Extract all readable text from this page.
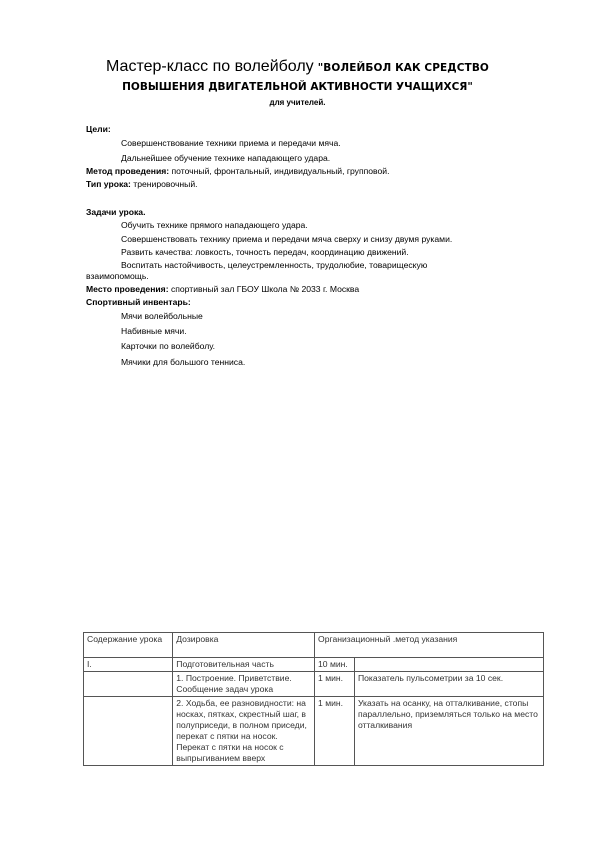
Мастер-класс по волейболу "ВОЛЕЙБОЛ КАК СРЕДСТВО
ПОВЫШЕНИЯ ДВИГАТЕЛЬНОЙ АКТИВНОСТИ УЧАЩИХСЯ"
для учителей.
Цели:
Совершенствование техники приема и передачи мяча.
Дальнейшее обучение технике нападающего удара.
Метод проведения: поточный, фронтальный, индивидуальный, групповой.
Тип урока: тренировочный.
Задачи урока.
Обучить технике прямого нападающего удара.
Совершенствовать технику приема и передачи мяча сверху и снизу двумя руками.
Развить качества: ловкость, точность передач, координацию движений.
Воспитать настойчивость, целеустремленность, трудолюбие, товарищескую
взаимопомощь.
Место проведения: спортивный зал ГБОУ Школа № 2033 г. Москва
Спортивный инвентарь:
Мячи волейбольные
Набивные мячи.
Карточки по волейболу.
Мячики для большого тенниса.
Содержание урока	Дозировка	Организационный .метод указания	
I.	Подготовительная часть	10 мин.	
	1. Построение. Приветствие. Сообщение задач урока	1 мин.	Показатель пульсометрии за 10 сек.
	2. Ходьба, ее разновидности: на носках, пятках, скрестный шаг, в полуприседи, в полном приседи, перекат с пятки на носок. Перекат с пятки на носок с выпрыгиванием вверх	1 мин.	Указать на осанку, на отталкивание, стопы параллельно, приземляться только на место отталкивания
